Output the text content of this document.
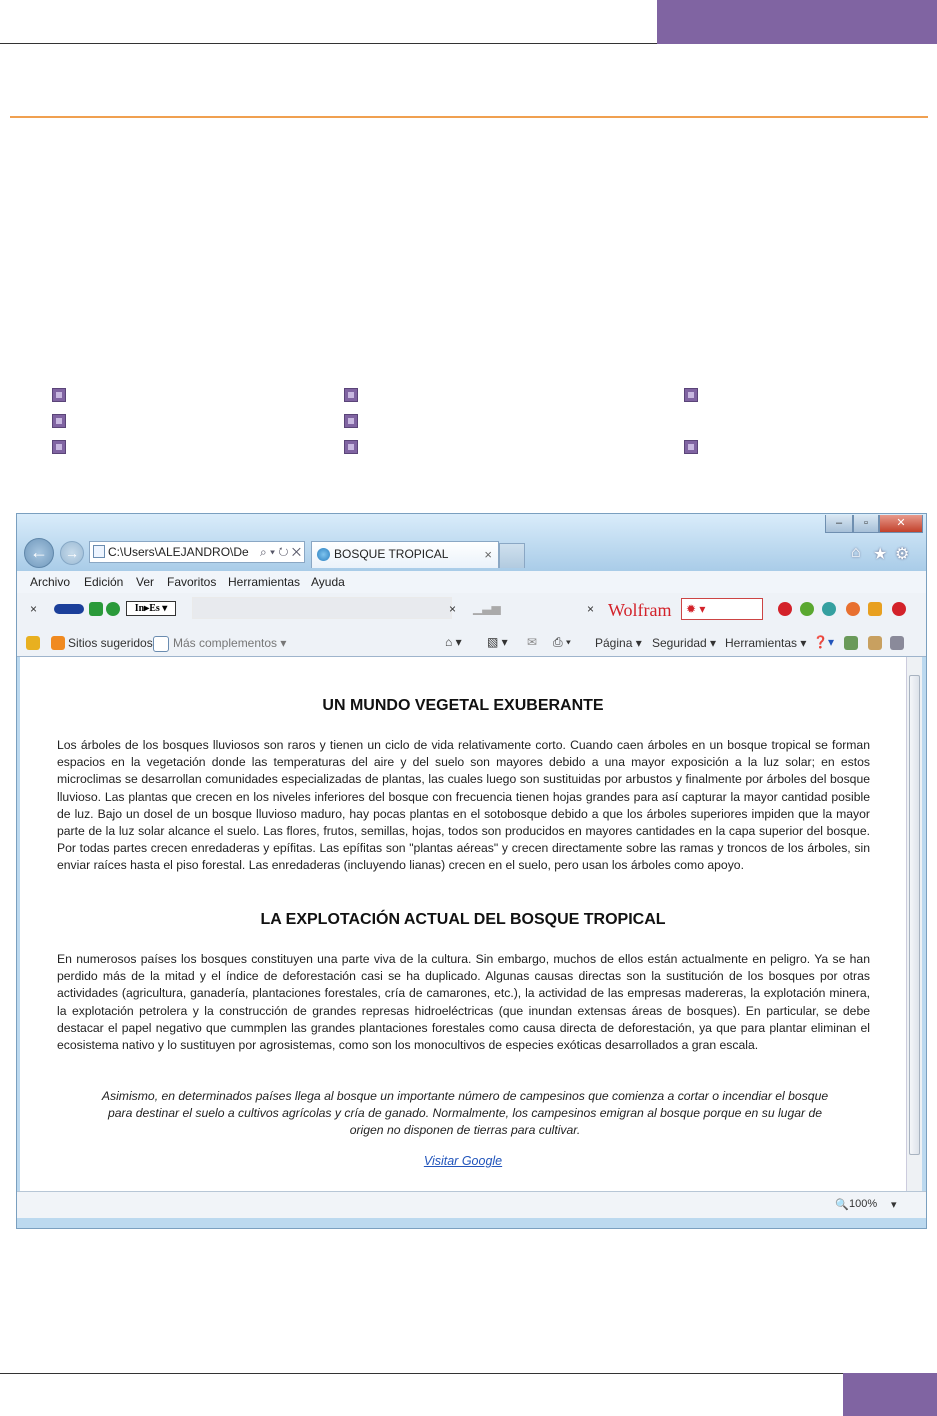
–	▫	✕
←	→	C:\Users\ALEJANDRO\De ⌕ ▾ ↻ ✕	BOSQUE TROPICAL	×	⌂ ★ ⚙
Archivo Edición Ver Favoritos Herramientas Ayuda
×	In▸Es ▾	× ▁▃▅	× Wolfram	✹ ▾
Sitios sugeridos Más complementos ▾	⌂ ▾ ▧ ▾ ✉ ⎙ ▾ Página ▾ Seguridad ▾ Herramientas ▾ ❓▾
UN MUNDO VEGETAL EXUBERANTE
Los árboles de los bosques lluviosos son raros y tienen un ciclo de vida relativamente corto. Cuando caen árboles en un bosque tropical se forman espacios en la vegetación donde las temperaturas del aire y del suelo son mayores debido a una mayor exposición a la luz solar; en estos microclimas se desarrollan comunidades especializadas de plantas, las cuales luego son sustituidas por arbustos y finalmente por árboles del bosque lluvioso. Las plantas que crecen en los niveles inferiores del bosque con frecuencia tienen hojas grandes para así capturar la mayor cantidad posible de luz. Bajo un dosel de un bosque lluvioso maduro, hay pocas plantas en el sotobosque debido a que los árboles superiores impiden que la mayor parte de la luz solar alcance el suelo. Las flores, frutos, semillas, hojas, todos son producidos en mayores cantidades en la capa superior del bosque. Por todas partes crecen enredaderas y epífitas. Las epífitas son "plantas aéreas" y crecen directamente sobre las ramas y troncos de los árboles, sin enviar raíces hasta el piso forestal. Las enredaderas (incluyendo lianas) crecen en el suelo, pero usan los árboles como apoyo.
LA EXPLOTACIÓN ACTUAL DEL BOSQUE TROPICAL
En numerosos países los bosques constituyen una parte viva de la cultura. Sin embargo, muchos de ellos están actualmente en peligro. Ya se han perdido más de la mitad y el índice de deforestación casi se ha duplicado. Algunas causas directas son la sustitución de los bosques por otras actividades (agricultura, ganadería, plantaciones forestales, cría de camarones, etc.), la actividad de las empresas madereras, la explotación minera, la explotación petrolera y la construcción de grandes represas hidroeléctricas (que inundan extensas áreas de bosques). En particular, se debe destacar el papel negativo que cummplen las grandes plantaciones forestales como causa directa de deforestación, ya que para plantar eliminan el ecosistema nativo y lo sustituyen por agrosistemas, como son los monocultivos de especies exóticas desarrollados a gran escala.
Asimismo, en determinados países llega al bosque un importante número de campesinos que comienza a cortar o incendiar el bosque para destinar el suelo a cultivos agrícolas y cría de ganado. Normalmente, los campesinos emigran al bosque porque en su lugar de origen no disponen de tierras para cultivar.
Visitar Google
🔍 100% ▾
